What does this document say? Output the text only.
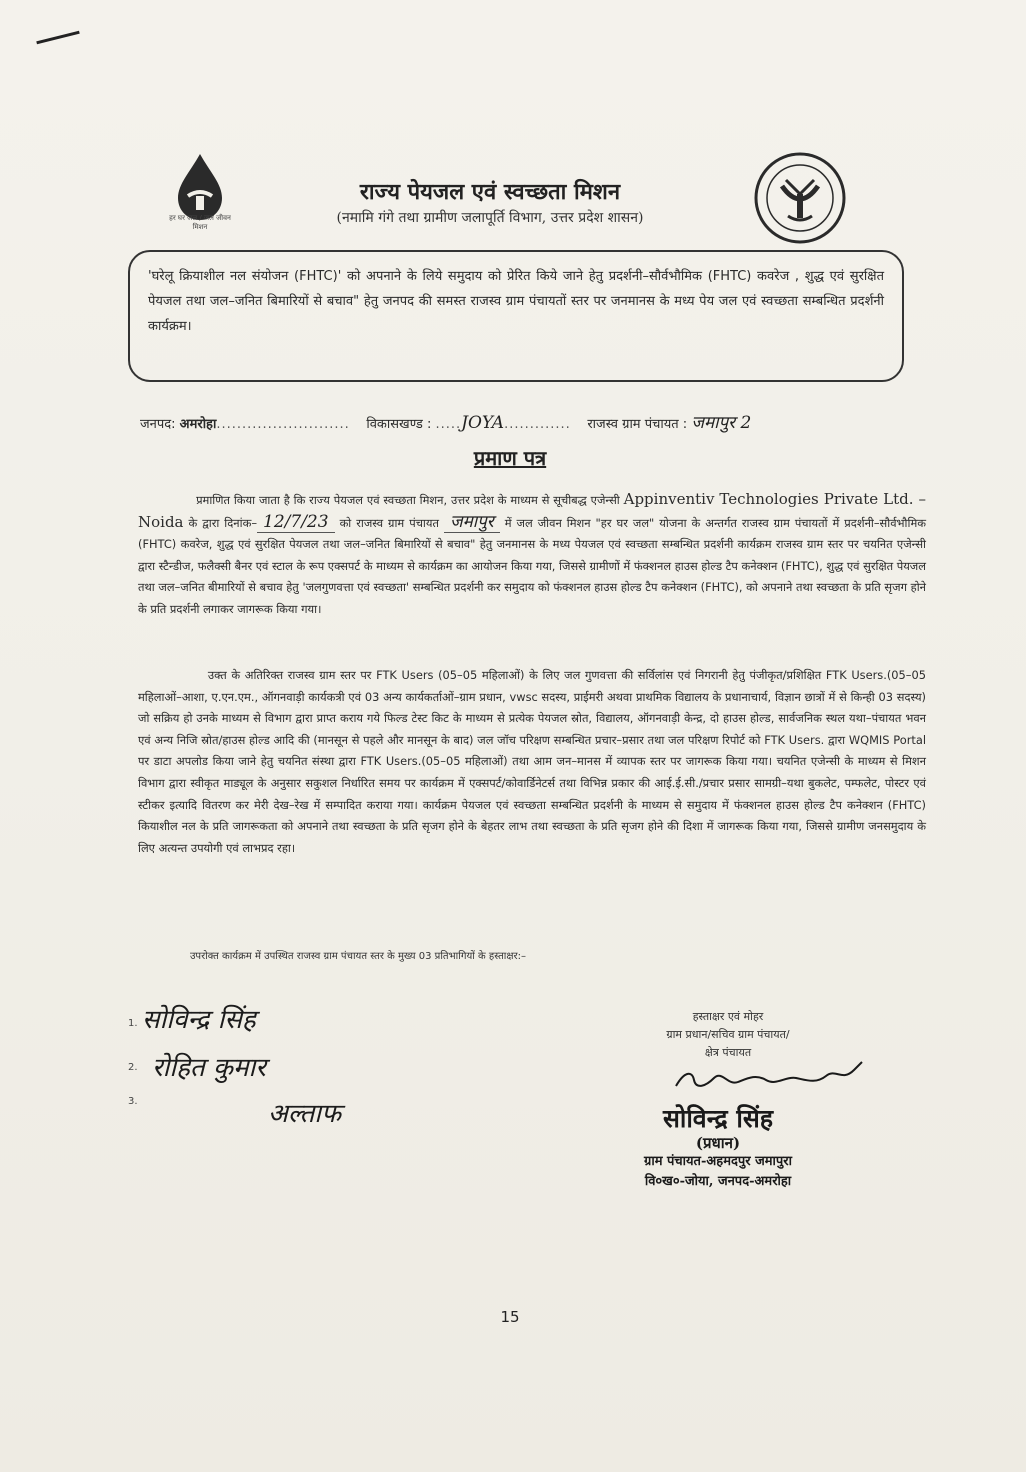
हर घर जल / जल जीवन मिशन
राज्य पेयजल एवं स्वच्छता मिशन
(नमामि गंगे तथा ग्रामीण जलापूर्ति विभाग, उत्तर प्रदेश शासन)
'घरेलू क्रियाशील नल संयोजन (FHTC)' को अपनाने के लिये समुदाय को प्रेरित किये जाने हेतु प्रदर्शनी–सौर्वभौमिक (FHTC) कवरेज , शुद्ध एवं सुरक्षित पेयजल तथा जल–जनित बिमारियों से बचाव" हेतु जनपद की समस्त राजस्व ग्राम पंचायतों स्तर पर जनमानस के मध्य पेय जल एवं स्वच्छता सम्बन्धित प्रदर्शनी कार्यक्रम।
जनपद: अमरोहा.......................... विकासखण्ड : .....JOYA............. राजस्व ग्राम पंचायत : जमापुर 2
प्रमाण पत्र
प्रमाणित किया जाता है कि राज्य पेयजल एवं स्वच्छता मिशन, उत्तर प्रदेश के माध्यम से सूचीबद्ध एजेन्सी Appinventiv Technologies Private Ltd. – Noida के द्वारा दिनांक– 12/7/23 को राजस्व ग्राम पंचायत जमापुर में जल जीवन मिशन "हर घर जल" योजना के अन्तर्गत राजस्व ग्राम पंचायतों में प्रदर्शनी–सौर्वभौमिक (FHTC) कवरेज, शुद्ध एवं सुरक्षित पेयजल तथा जल–जनित बिमारियों से बचाव" हेतु जनमानस के मध्य पेयजल एवं स्वच्छता सम्बन्धित प्रदर्शनी कार्यक्रम राजस्व ग्राम स्तर पर चयनित एजेन्सी द्वारा स्टैन्डीज, फलैक्सी बैनर एवं स्टाल के रूप एक्सपर्ट के माध्यम से कार्यक्रम का आयोजन किया गया, जिससे ग्रामीणों में फंक्शनल हाउस होल्ड टैप कनेक्शन (FHTC), शुद्ध एवं सुरक्षित पेयजल तथा जल–जनित बीमारियों से बचाव हेतु 'जलगुणवत्ता एवं स्वच्छता' सम्बन्धित प्रदर्शनी कर समुदाय को फंक्शनल हाउस होल्ड टैप कनेक्शन (FHTC), को अपनाने तथा स्वच्छता के प्रति सृजग होने के प्रति प्रदर्शनी लगाकर जागरूक किया गया।
उक्त के अतिरिक्त राजस्व ग्राम स्तर पर FTK Users (05–05 महिलाओं) के लिए जल गुणवत्ता की सर्विलांस एवं निगरानी हेतु पंजीकृत/प्रशिक्षित FTK Users.(05–05 महिलाओं–आशा, ए.एन.एम., ऑगनवाड़ी कार्यकत्री एवं 03 अन्य कार्यकर्ताओं–ग्राम प्रधान, vwsc सदस्य, प्राईमरी अथवा प्राथमिक विद्यालय के प्रधानाचार्य, विज्ञान छात्रों में से किन्ही 03 सदस्य) जो सक्रिय हो उनके माध्यम से विभाग द्वारा प्राप्त कराय गये फिल्ड टेस्ट किट के माध्यम से प्रत्येक पेयजल स्रोत, विद्यालय, ऑगनवाड़ी केन्द्र, दो हाउस होल्ड, सार्वजनिक स्थल यथा–पंचायत भवन एवं अन्य निजि स्रोत/हाउस होल्ड आदि की (मानसून से पहले और मानसून के बाद) जल जॉच परिक्षण सम्बन्धित प्रचार–प्रसार तथा जल परिक्षण रिपोर्ट को FTK Users. द्वारा WQMIS Portal पर डाटा अपलोड किया जाने हेतु चयनित संस्था द्वारा FTK Users.(05–05 महिलाओं) तथा आम जन–मानस में व्यापक स्तर पर जागरूक किया गया। चयनित एजेन्सी के माध्यम से मिशन विभाग द्वारा स्वीकृत माड्यूल के अनुसार सकुशल निर्धारित समय पर कार्यक्रम में एक्सपर्ट/कोवार्डिनेटर्स तथा विभिन्न प्रकार की आई.ई.सी./प्रचार प्रसार सामग्री–यथा बुकलेट, पम्फलेट, पोस्टर एवं स्टीकर इत्यादि वितरण कर मेरी देख–रेख में सम्पादित कराया गया। कार्यक्रम पेयजल एवं स्वच्छता सम्बन्धित प्रदर्शनी के माध्यम से समुदाय में फंक्शनल हाउस होल्ड टैप कनेक्शन (FHTC) कियाशील नल के प्रति जागरूकता को अपनाने तथा स्वच्छता के प्रति सृजग होने के बेहतर लाभ तथा स्वच्छता के प्रति सृजग होने की दिशा में जागरूक किया गया, जिससे ग्रामीण जनसमुदाय के लिए अत्यन्त उपयोगी एवं लाभप्रद रहा।
उपरोक्त कार्यक्रम में उपस्थित राजस्व ग्राम पंचायत स्तर के मुख्य 03 प्रतिभागियों के हस्ताक्षर:–
1. सोविन्द्र सिंह
2. रोहित कुमार
3.	अल्ताफ
हस्ताक्षर एवं मोहर
ग्राम प्रधान/सचिव ग्राम पंचायत/
क्षेत्र पंचायत
सोविन्द्र सिंह
(प्रधान)
ग्राम पंचायत-अहमदपुर जमापुरा
वि०ख०-जोया, जनपद-अमरोहा
15
